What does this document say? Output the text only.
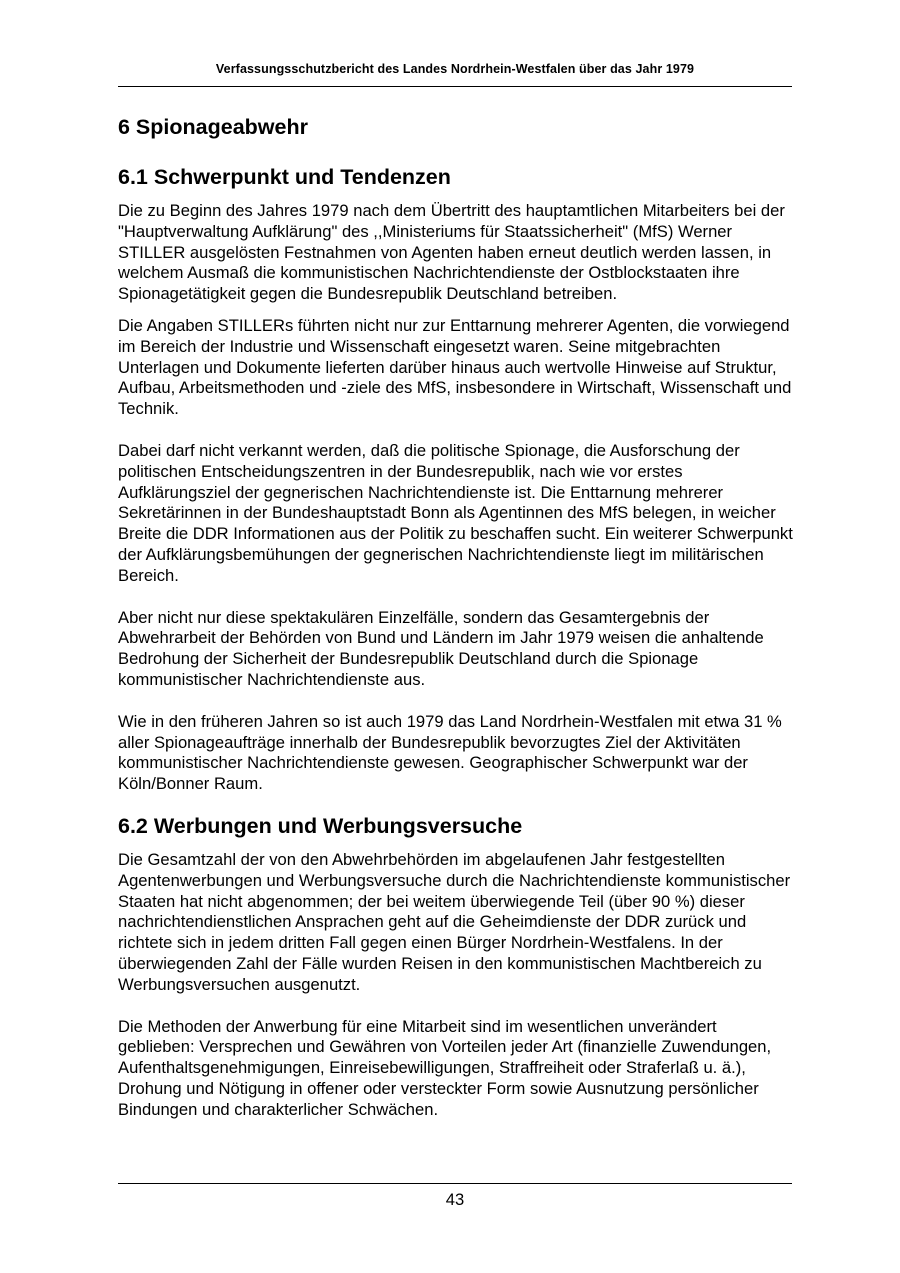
Verfassungsschutzbericht des Landes Nordrhein-Westfalen über das Jahr 1979
6 Spionageabwehr
6.1 Schwerpunkt und Tendenzen

Die zu Beginn des Jahres 1979 nach dem Übertritt des hauptamtlichen Mitarbeiters bei der "Hauptverwaltung Aufklärung" des ,,Ministeriums für Staatssicherheit" (MfS) Werner STILLER ausgelösten Festnahmen von Agenten haben erneut deutlich werden lassen, in welchem Ausmaß die kommunistischen Nachrichtendienste der Ostblockstaaten ihre Spionagetätigkeit gegen die Bundesrepublik Deutschland betreiben.

Die Angaben STILLERs führten nicht nur zur Enttarnung mehrerer Agenten, die vorwiegend im Bereich der Industrie und Wissenschaft eingesetzt waren. Seine mitgebrachten Unterlagen und Dokumente lieferten darüber hinaus auch wertvolle Hinweise auf Struktur, Aufbau, Arbeitsmethoden und -ziele des MfS, insbesondere in Wirtschaft, Wissenschaft und Technik.

Dabei darf nicht verkannt werden, daß die politische Spionage, die Ausforschung der politischen Entscheidungszentren in der Bundesrepublik, nach wie vor erstes Aufklärungsziel der gegnerischen Nachrichtendienste ist. Die Enttarnung mehrerer Sekretärinnen in der Bundeshauptstadt Bonn als Agentinnen des MfS belegen, in weicher Breite die DDR Informationen aus der Politik zu beschaffen sucht. Ein weiterer Schwerpunkt der Aufklärungsbemühungen der gegnerischen Nachrichtendienste liegt im militärischen Bereich.

Aber nicht nur diese spektakulären Einzelfälle, sondern das Gesamtergebnis der Abwehrarbeit der Behörden von Bund und Ländern im Jahr 1979 weisen die anhaltende Bedrohung der Sicherheit der Bundesrepublik Deutschland durch die Spionage kommunistischer Nachrichtendienste aus.

Wie in den früheren Jahren so ist auch 1979 das Land Nordrhein-Westfalen mit etwa 31 % aller Spionageaufträge innerhalb der Bundesrepublik bevorzugtes Ziel der Aktivitäten kommunistischer Nachrichtendienste gewesen. Geographischer Schwerpunkt war der Köln/Bonner Raum.

6.2 Werbungen und Werbungsversuche

Die Gesamtzahl der von den Abwehrbehörden im abgelaufenen Jahr festgestellten Agentenwerbungen und Werbungsversuche durch die Nachrichtendienste kommunistischer Staaten hat nicht abgenommen; der bei weitem überwiegende Teil (über 90 %) dieser nachrichtendienstlichen Ansprachen geht auf die Geheimdienste der DDR zurück und richtete sich in jedem dritten Fall gegen einen Bürger Nordrhein-Westfalens. In der überwiegenden Zahl der Fälle wurden Reisen in den kommunistischen Machtbereich zu Werbungsversuchen ausgenutzt.

Die Methoden der Anwerbung für eine Mitarbeit sind im wesentlichen unverändert geblieben: Versprechen und Gewähren von Vorteilen jeder Art (finanzielle Zuwendungen, Aufenthaltsgenehmigungen, Einreisebewilligungen, Straffreiheit oder Straferlaß u. ä.), Drohung und Nötigung in offener oder versteckter Form sowie Ausnutzung persönlicher Bindungen und charakterlicher Schwächen.

43
